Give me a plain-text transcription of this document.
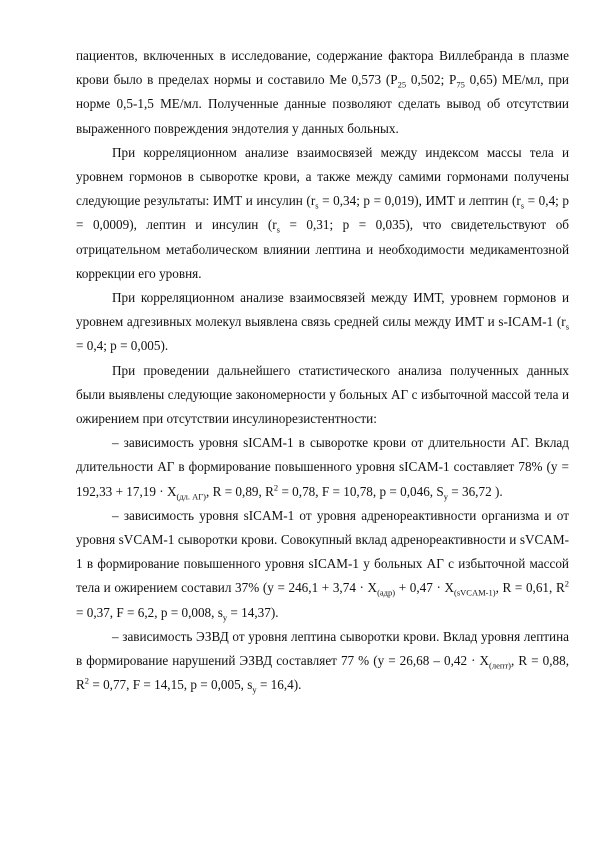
пациентов, включенных в исследование, содержание фактора Виллебранда в плазме крови было в пределах нормы и составило Ме 0,573 ($Р_{25}$ 0,502; $Р_{75}$ 0,65) МЕ/мл, при норме 0,5-1,5 МЕ/мл. Полученные данные позволяют сделать вывод об отсутствии выраженного повреждения эндотелия у данных больных.

При корреляционном анализе взаимосвязей между индексом массы тела и уровнем гормонов в сыворотке крови, а также между самими гормонами получены следующие результаты: ИМТ и инсулин ($r_s = 0,34$; р = 0,019), ИМТ и лептин ($r_s = 0,4$; р = 0,0009), лептин и инсулин ($r_s = 0,31$; р = 0,035), что свидетельствуют об отрицательном метаболическом влиянии лептина и необходимости медикаментозной коррекции его уровня.

При корреляционном анализе взаимосвязей между ИМТ, уровнем гормонов и уровнем адгезивных молекул выявлена связь средней силы между ИМТ и s-ICAM-1 ($r_s = 0,4$; р = 0,005).

При проведении дальнейшего статистического анализа полученных данных были выявлены следующие закономерности у больных АГ с избыточной массой тела и ожирением при отсутствии инсулинорезистентности:

– зависимость уровня sICAM-1 в сыворотке крови от длительности АГ. Вклад длительности АГ в формирование повышенного уровня sICAM-1 составляет 78% ($у = 192,33 + 17,19 \cdot Х_{(дл. АГ)}$, R = 0,89, $R^2 = 0,78$, F = 10,78, р = 0,046, $S_y = 36,72$ ).

– зависимость уровня sICAM-1 от уровня адренореактивности организма и от уровня sVCAM-1 сыворотки крови. Совокупный вклад адренореактивности и sVCAM-1 в формирование повышенного уровня sICAM-1 у больных АГ с избыточной массой тела и ожирением составил 37% ($у = 246,1 + 3,74 \cdot Х_{(адр)} + 0,47 \cdot Х_{(sVCAM-1)}$, R = 0,61, $R^2 = 0,37$, F = 6,2, р = 0,008, $s_y = 14,37$).

– зависимость ЭЗВД от уровня лептина сыворотки крови. Вклад уровня лептина в формирование нарушений ЭЗВД составляет 77 % ($у = 26,68 - 0,42 \cdot Х_{(лепт)}$, R = 0,88, $R^2 = 0,77$, F = 14,15, р = 0,005, $s_y = 16,4$).
